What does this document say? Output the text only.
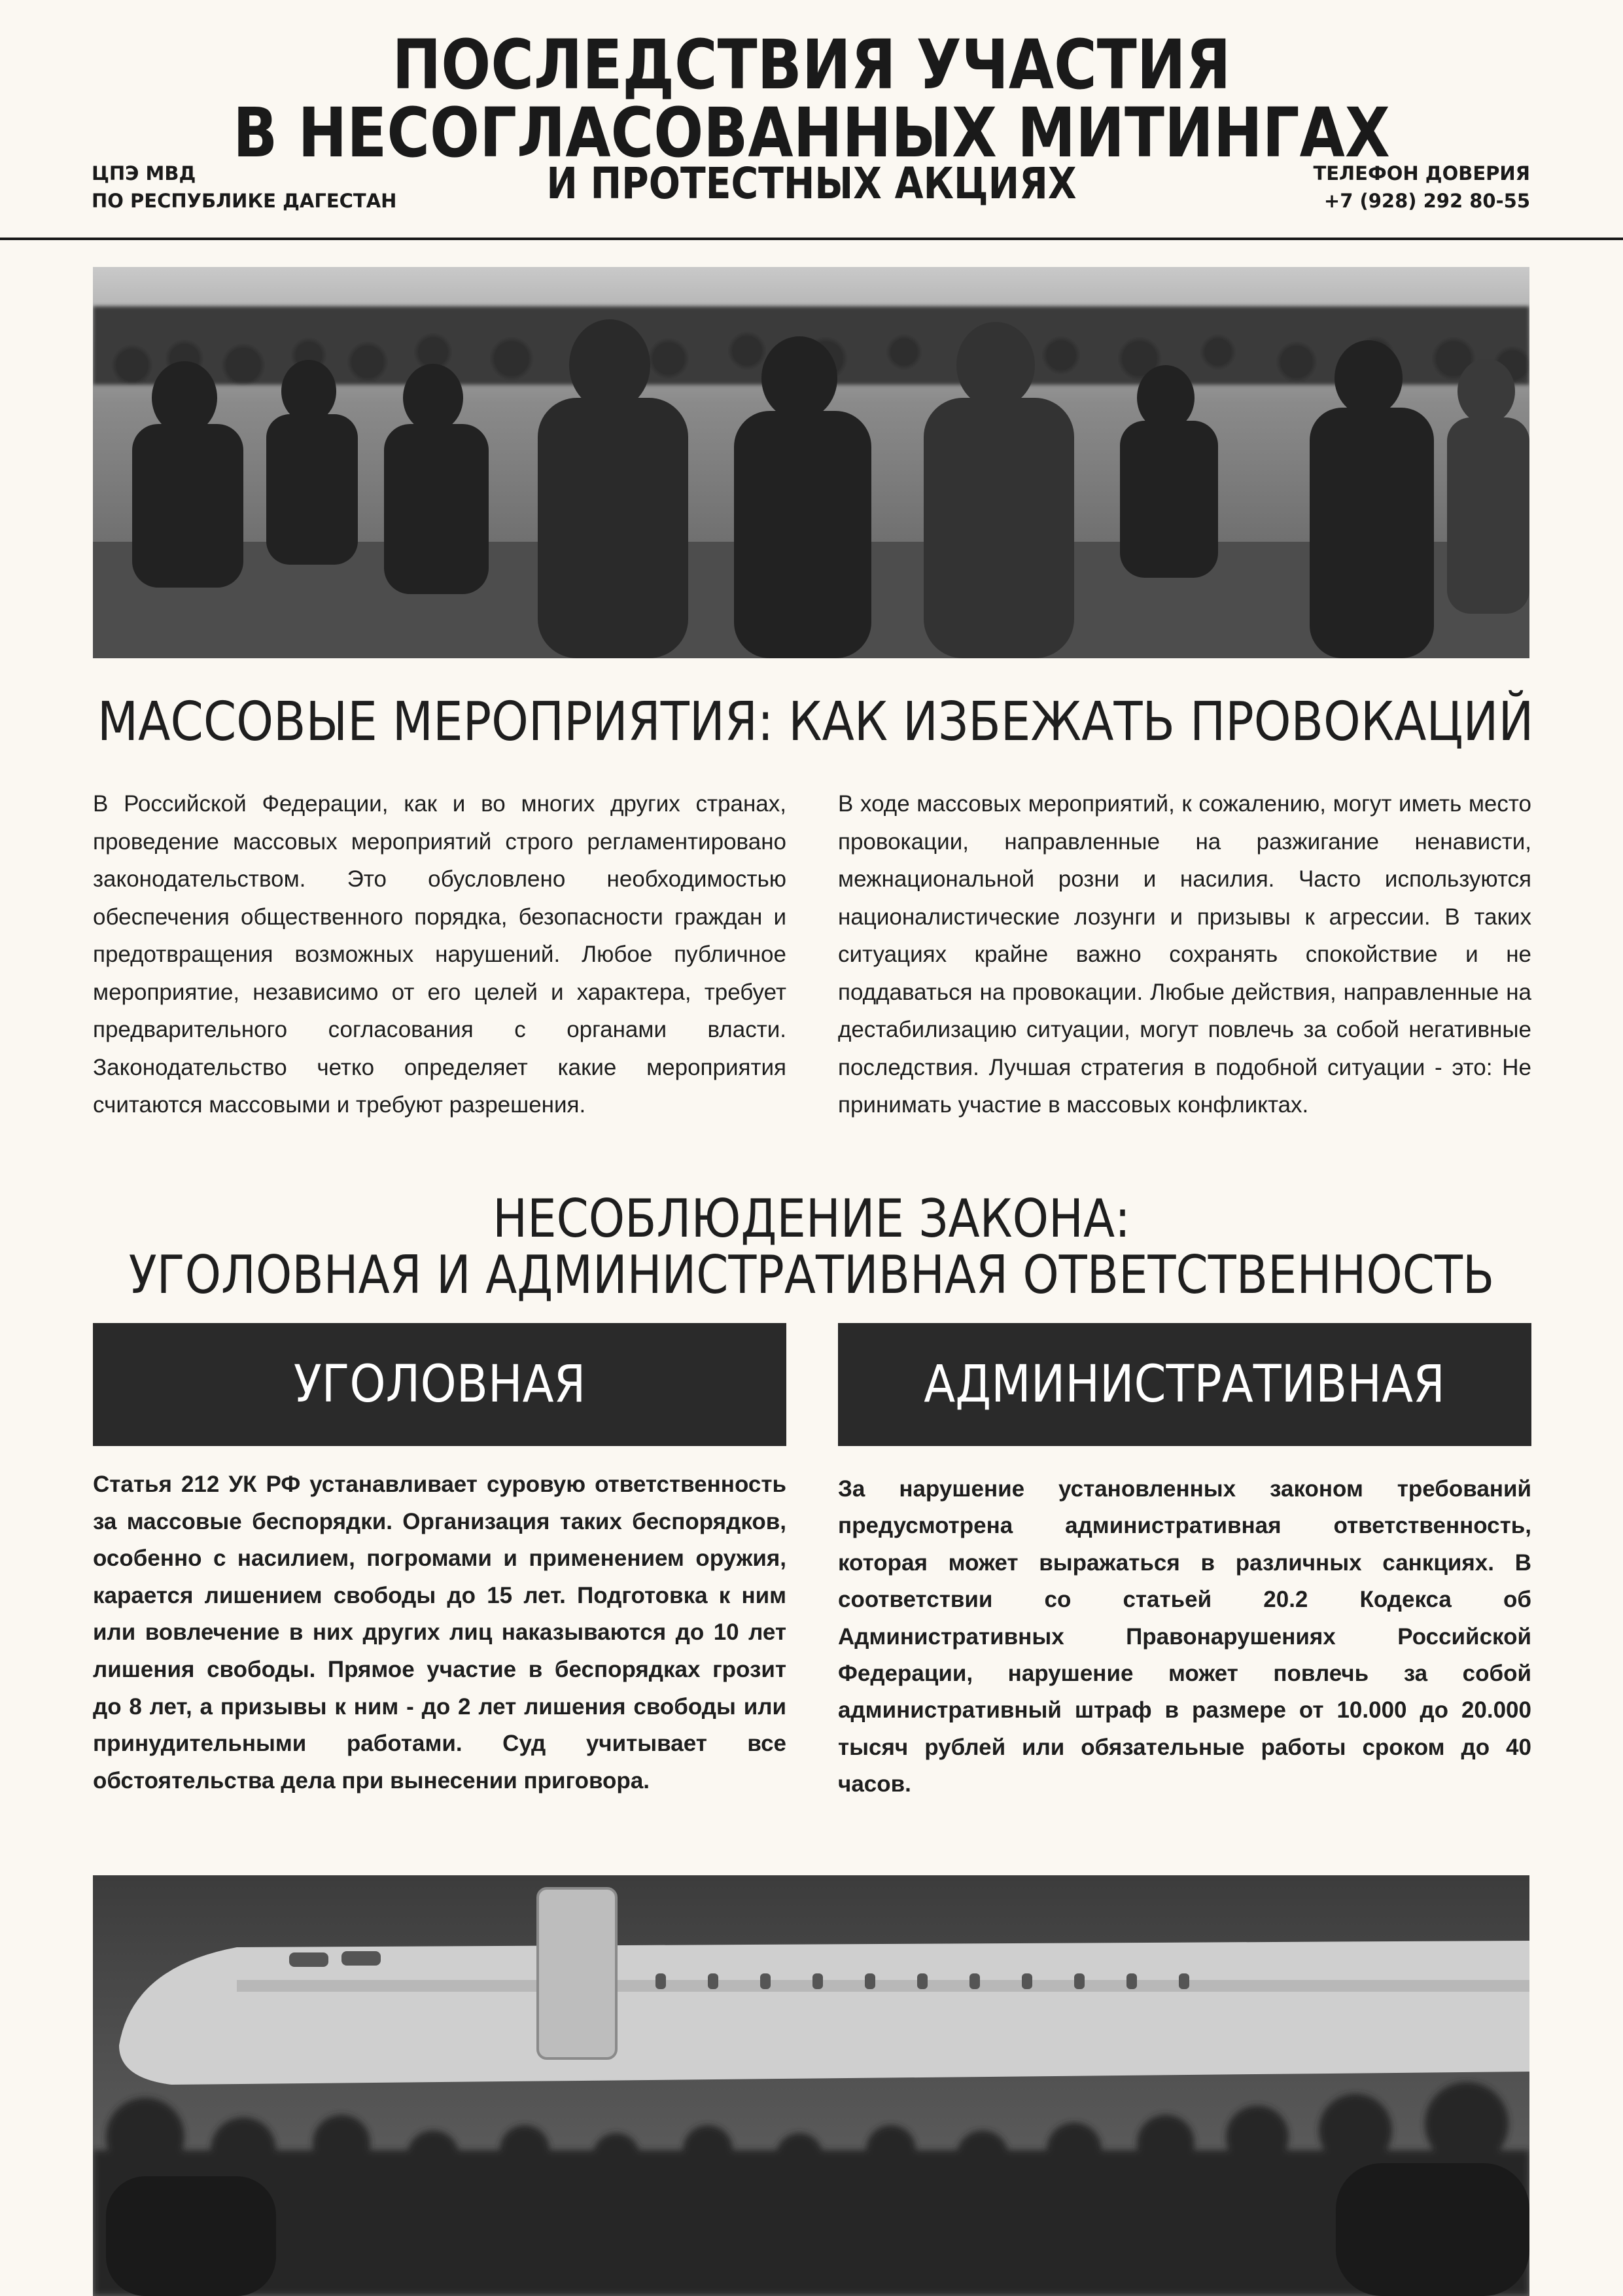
ПОСЛЕДСТВИЯ УЧАСТИЯ
В НЕСОГЛАСОВАННЫХ МИТИНГАХ
И ПРОТЕСТНЫХ АКЦИЯХ
ЦПЭ МВД
ПО РЕСПУБЛИКЕ ДАГЕСТАН
ТЕЛЕФОН ДОВЕРИЯ
+7 (928) 292 80-55
МАССОВЫЕ МЕРОПРИЯТИЯ: КАК ИЗБЕЖАТЬ ПРОВОКАЦИЙ

В Российской Федерации, как и во многих других странах, проведение массовых мероприятий строго регламентировано законодательством. Это обусловлено необходимостью обеспечения общественного порядка, безопасности граждан и предотвращения возможных нарушений. Любое публичное мероприятие, независимо от его целей и характера, требует предварительного согласования с органами власти. Законодательство четко определяет какие мероприятия считаются массовыми и требуют разрешения.

В ходе массовых мероприятий, к сожалению, могут иметь место провокации, направленные на разжигание ненависти, межнациональной розни и насилия. Часто используются националистические лозунги и призывы к агрессии. В таких ситуациях крайне важно сохранять спокойствие и не поддаваться на провокации. Любые действия, направленные на дестабилизацию ситуации, могут повлечь за собой негативные последствия. Лучшая стратегия в подобной ситуации - это: Не принимать участие в массовых конфликтах.

НЕСОБЛЮДЕНИЕ ЗАКОНА:
УГОЛОВНАЯ И АДМИНИСТРАТИВНАЯ ОТВЕТСТВЕННОСТЬ
УГОЛОВНАЯ	АДМИНИСТРАТИВНАЯ

Статья 212 УК РФ устанавливает суровую ответственность за массовые беспорядки. Организация таких беспорядков, особенно с насилием, погромами и применением оружия, карается лишением свободы до 15 лет. Подготовка к ним или вовлечение в них других лиц наказываются до 10 лет лишения свободы. Прямое участие в беспорядках грозит до 8 лет, а призывы к ним - до 2 лет лишения свободы или принудительными работами. Суд учитывает все обстоятельства дела при вынесении приговора.

За нарушение установленных законом требований предусмотрена административная ответственность, которая может выражаться в различных санкциях. В соответствии со статьей 20.2 Кодекса об Административных Правонарушениях Российской Федерации, нарушение может повлечь за собой административный штраф в размере от 10.000 до 20.000 тысяч рублей или обязательные работы сроком до 40 часов.
